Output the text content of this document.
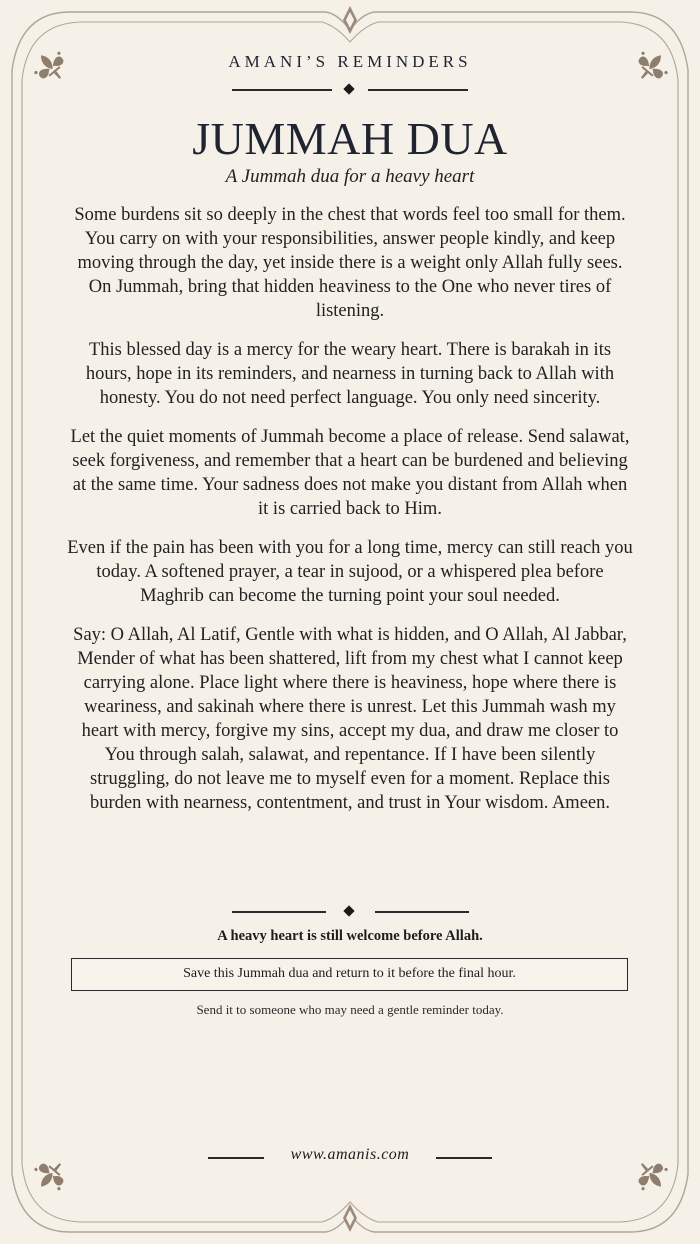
AMANI’S REMINDERS
JUMMAH DUA
A Jummah dua for a heavy heart

Some burdens sit so deeply in the chest that words feel too small for them. You carry on with your responsibilities, answer people kindly, and keep moving through the day, yet inside there is a weight only Allah fully sees. On Jummah, bring that hidden heaviness to the One who never tires of listening.

This blessed day is a mercy for the weary heart. There is barakah in its hours, hope in its reminders, and nearness in turning back to Allah with honesty. You do not need perfect language. You only need sincerity.

Let the quiet moments of Jummah become a place of release. Send salawat, seek forgiveness, and remember that a heart can be burdened and believing at the same time. Your sadness does not make you distant from Allah when it is carried back to Him.

Even if the pain has been with you for a long time, mercy can still reach you today. A softened prayer, a tear in sujood, or a whispered plea before Maghrib can become the turning point your soul needed.

Say: O Allah, Al Latif, Gentle with what is hidden, and O Allah, Al Jabbar, Mender of what has been shattered, lift from my chest what I cannot keep carrying alone. Place light where there is heaviness, hope where there is weariness, and sakinah where there is unrest. Let this Jummah wash my heart with mercy, forgive my sins, accept my dua, and draw me closer to You through salah, salawat, and repentance. If I have been silently struggling, do not leave me to myself even for a moment. Replace this burden with nearness, contentment, and trust in Your wisdom. Ameen.

A heavy heart is still welcome before Allah.
Save this Jummah dua and return to it before the final hour.
Send it to someone who may need a gentle reminder today.
www.amanis.com
